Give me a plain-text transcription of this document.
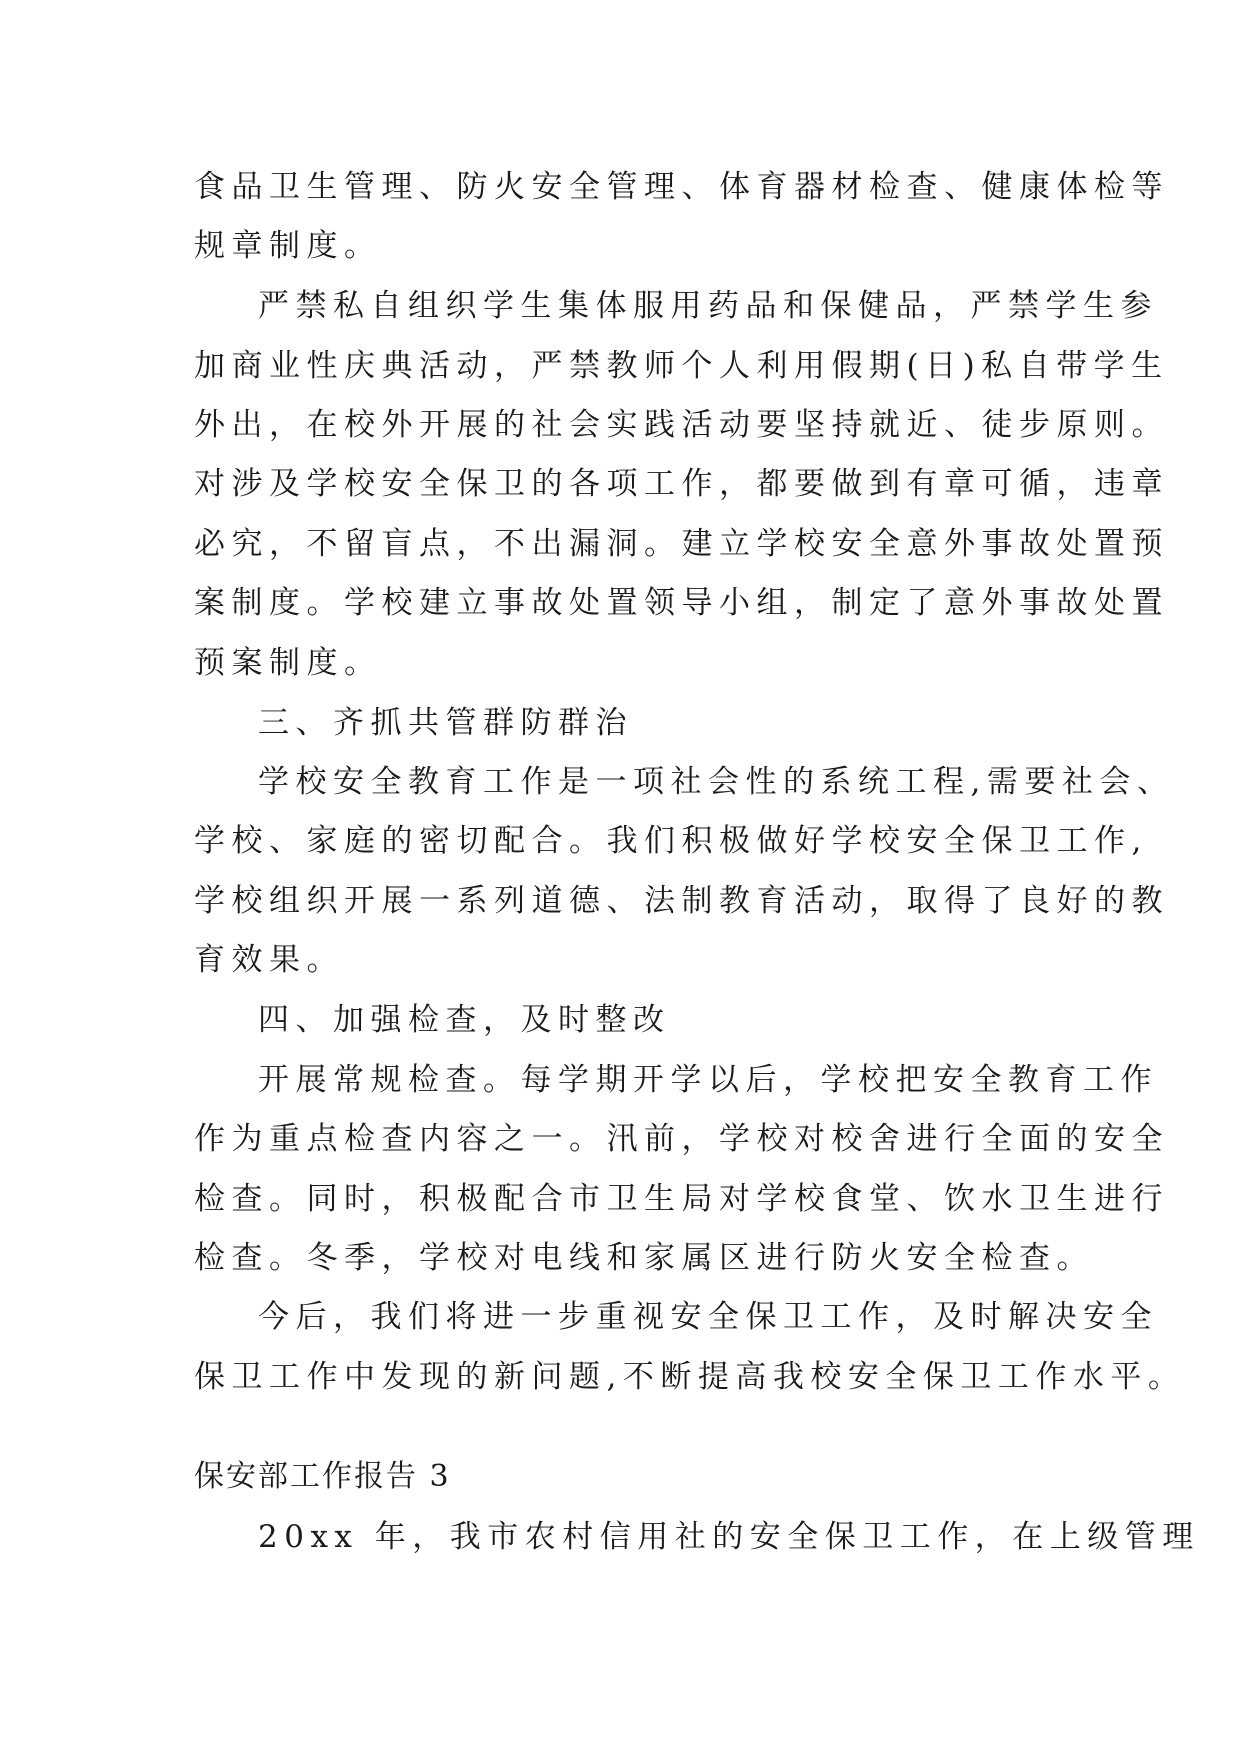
食品卫生管理、防火安全管理、体育器材检查、健康体检等
规章制度。
严禁私自组织学生集体服用药品和保健品，严禁学生参
加商业性庆典活动，严禁教师个人利用假期(日)私自带学生
外出，在校外开展的社会实践活动要坚持就近、徒步原则。
对涉及学校安全保卫的各项工作，都要做到有章可循，违章
必究，不留盲点，不出漏洞。建立学校安全意外事故处置预
案制度。学校建立事故处置领导小组，制定了意外事故处置
预案制度。
三、齐抓共管群防群治
学校安全教育工作是一项社会性的系统工程,需要社会、
学校、家庭的密切配合。我们积极做好学校安全保卫工作,
学校组织开展一系列道德、法制教育活动，取得了良好的教
育效果。
四、加强检查，及时整改
开展常规检查。每学期开学以后，学校把安全教育工作
作为重点检查内容之一。汛前，学校对校舍进行全面的安全
检查。同时，积极配合市卫生局对学校食堂、饮水卫生进行
检查。冬季，学校对电线和家属区进行防火安全检查。
今后，我们将进一步重视安全保卫工作，及时解决安全
保卫工作中发现的新问题,不断提高我校安全保卫工作水平。
保安部工作报告 3
20xx 年，我市农村信用社的安全保卫工作，在上级管理
